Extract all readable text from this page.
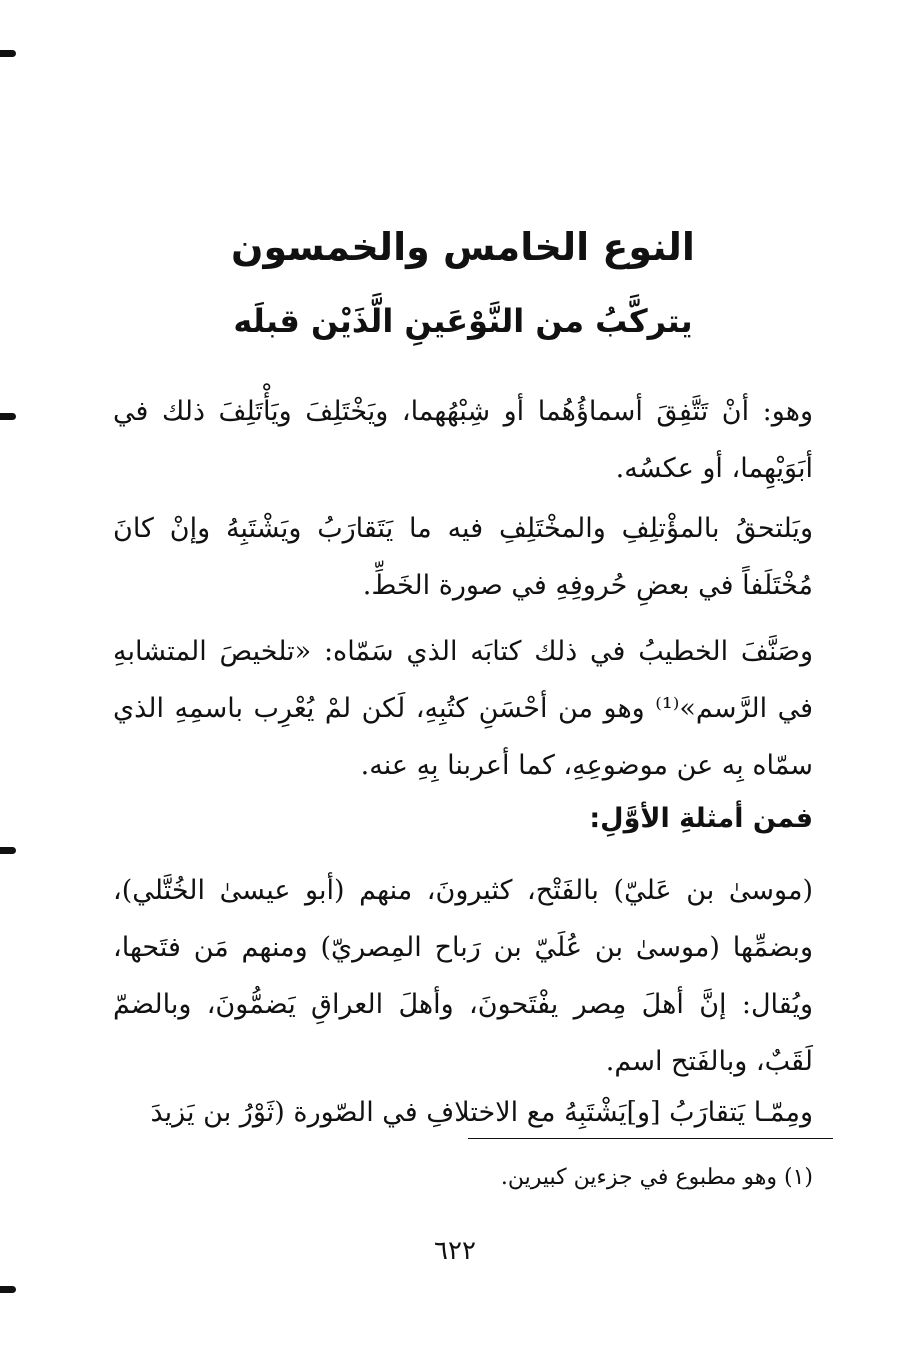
النوع الخامس والخمسون
يتركَّبُ من النَّوْعَينِ الَّذَيْن قبلَه
وهو: أنْ تَتَّفِقَ أسماؤُهُما أو شِبْهُهما، ويَخْتَلِفَ ويَأْتَلِفَ ذلك في أبَوَيْهِما، أو عكسُه.
ويَلتحقُ بالمؤْتلِفِ والمخْتَلِفِ فيه ما يَتَقارَبُ ويَشْتَبِهُ وإنْ كانَ مُخْتَلَفاً في بعضِ حُروفِهِ في صورة الخَطِّ.
وصَنَّفَ الخطيبُ في ذلك كتابَه الذي سَمّاه: «تلخيصَ المتشابهِ في الرَّسم»⁽¹⁾ وهو من أحْسَنِ كتُبِهِ، لَكن لمْ يُعْرِب باسمِهِ الذي سمّاه بِه عن موضوعِهِ، كما أعربنا بِهِ عنه.
فمن أمثلةِ الأوَّلِ:
(موسىٰ بن عَليّ) بالفَتْح، كثيرونَ، منهم (أبو عيسىٰ الخُتَّلي)، وبضمِّها (موسىٰ بن عُلَيّ بن رَباح المِصريّ) ومنهم مَن فتَحها، ويُقال: إنَّ أهلَ مِصر يفْتَحونَ، وأهلَ العراقِ يَضمُّونَ، وبالضمّ لَقَبٌ، وبالفَتح اسم.
ومِمّـا يَتقارَبُ [و]يَشْتَبِهُ مع الاختلافِ في الصّورة (ثَوْرُ بن يَزيدَ
(١) وهو مطبوع في جزءين كبيرين.
٦٢٢
